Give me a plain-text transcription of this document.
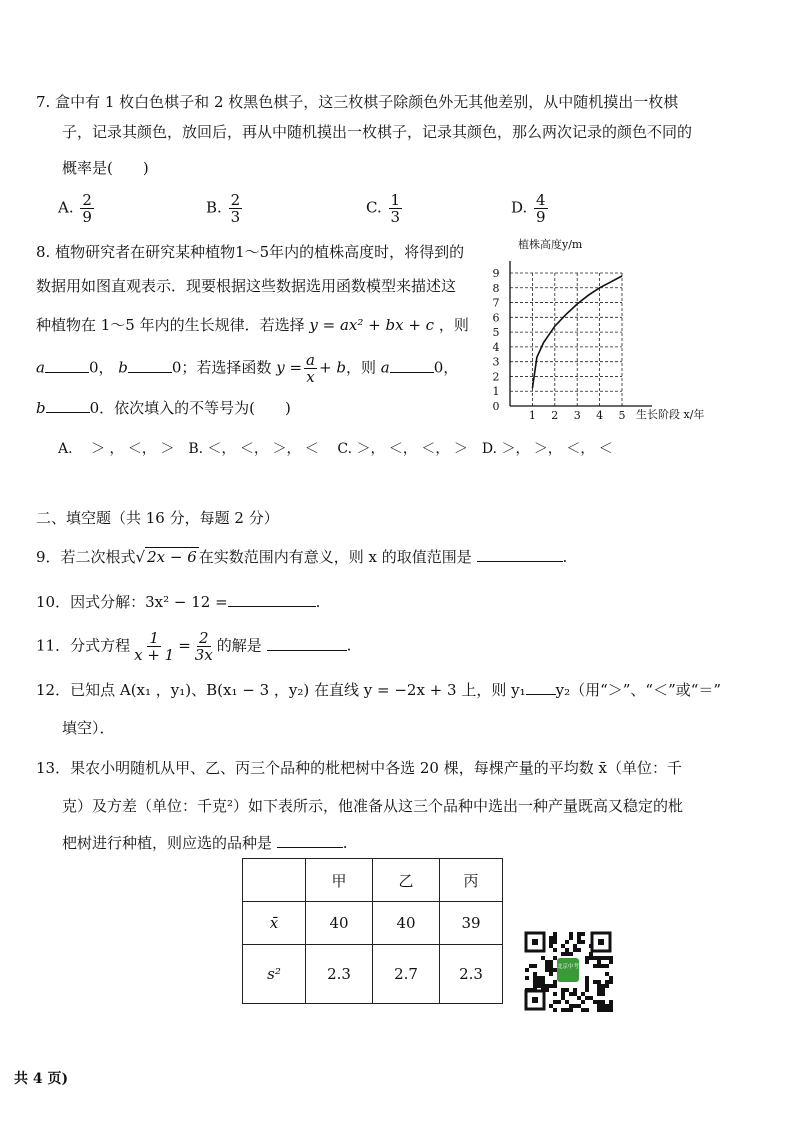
7. 盒中有 1 枚白色棋子和 2 枚黑色棋子，这三枚棋子除颜色外无其他差别，从中随机摸出一枚棋
子，记录其颜色，放回后，再从中随机摸出一枚棋子，记录其颜色，那么两次记录的颜色不同的
概率是(　　)
A. $\frac{2}{9}$	B. $\frac{2}{3}$	C. $\frac{1}{3}$	D. $\frac{4}{9}$
8. 植物研究者在研究某种植物1～5年内的植株高度时，将得到的
数据用如图直观表示．现要根据这些数据选用函数模型来描述这
种植物在 1～5 年内的生长规律．若选择 y = ax² + bx + c ，则
a	0， b	0；若选择函数 $y = \frac{a}{x} + b$，则 a	0，
b	0．依次填入的不等号为(　　)
A.　 ＞ ， ＜， ＞　B. ＜， ＜， ＞， ＜　 C. ＞， ＜， ＜， ＞　D. ＞， ＞， ＜， ＜
1 2 3 4 5
0
1
2
3
4
5
6
7
8
9
植株高度y/m
生长阶段 x/年
二、填空题（共 16 分，每题 2 分）
9．若二次根式√ 2x − 6 在实数范围内有意义，则 x 的取值范围是	.
10．因式分解：3x² − 12 =	.
11．分式方程 $\frac{1}{x + 1} = \frac{2}{3x}$ 的解是	.
12．已知点 A(x₁ ，y₁)、B(x₁ − 3 ，y₂) 在直线 y = −2x + 3 上，则 y₁ y₂（用“＞”、“＜”或“＝”
填空）．
13．果农小明随机从甲、乙、丙三个品种的枇杷树中各选 20 棵，每棵产量的平均数 x̄（单位：千
克）及方差（单位：千克²）如下表所示，他准备从这三个品种中选出一种产量既高又稳定的枇
杷树进行种植，则应选的品种是	.
	甲	乙	丙
x̄	40	40	39
s²	2.3	2.7	2.3	北京中考
共 4 页)
